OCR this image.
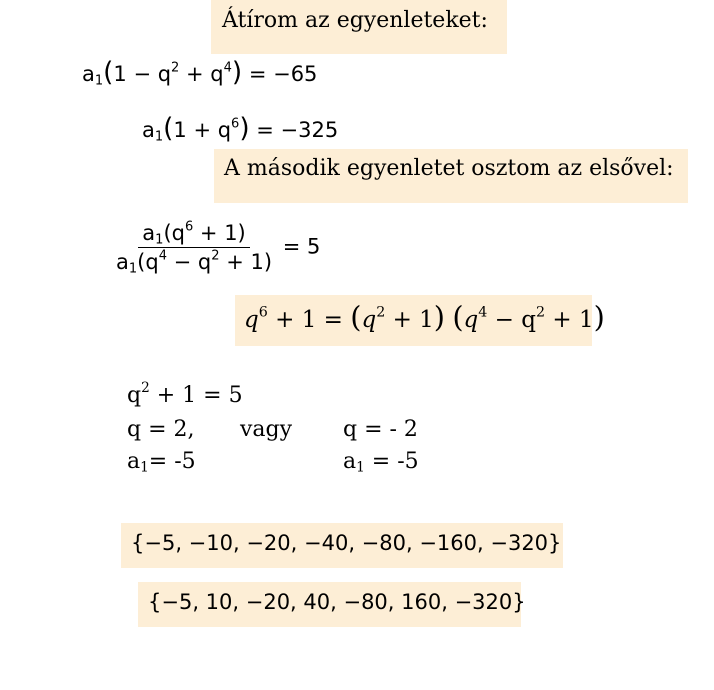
Átírom az egyenleteket:
$a_1(1 - q^2 + q^4) = -65$
$a_1(1 + q^6) = -325$
A második egyenletet osztom az elsővel:
$\frac{a_1(q^6 + 1)}{a_1(q^4 - q^2 + 1)} = 5$
$q^6 + 1 = (q^2 + 1) (q^4 - q^2 + 1)$
$q^2 + 1 = 5$
q = 2, vagy q = - 2
$a_1= -5$	$a_1 = -5$
{−5, −10, −20, −40, −80, −160, −320}
{−5, 10, −20, 40, −80, 160, −320}
